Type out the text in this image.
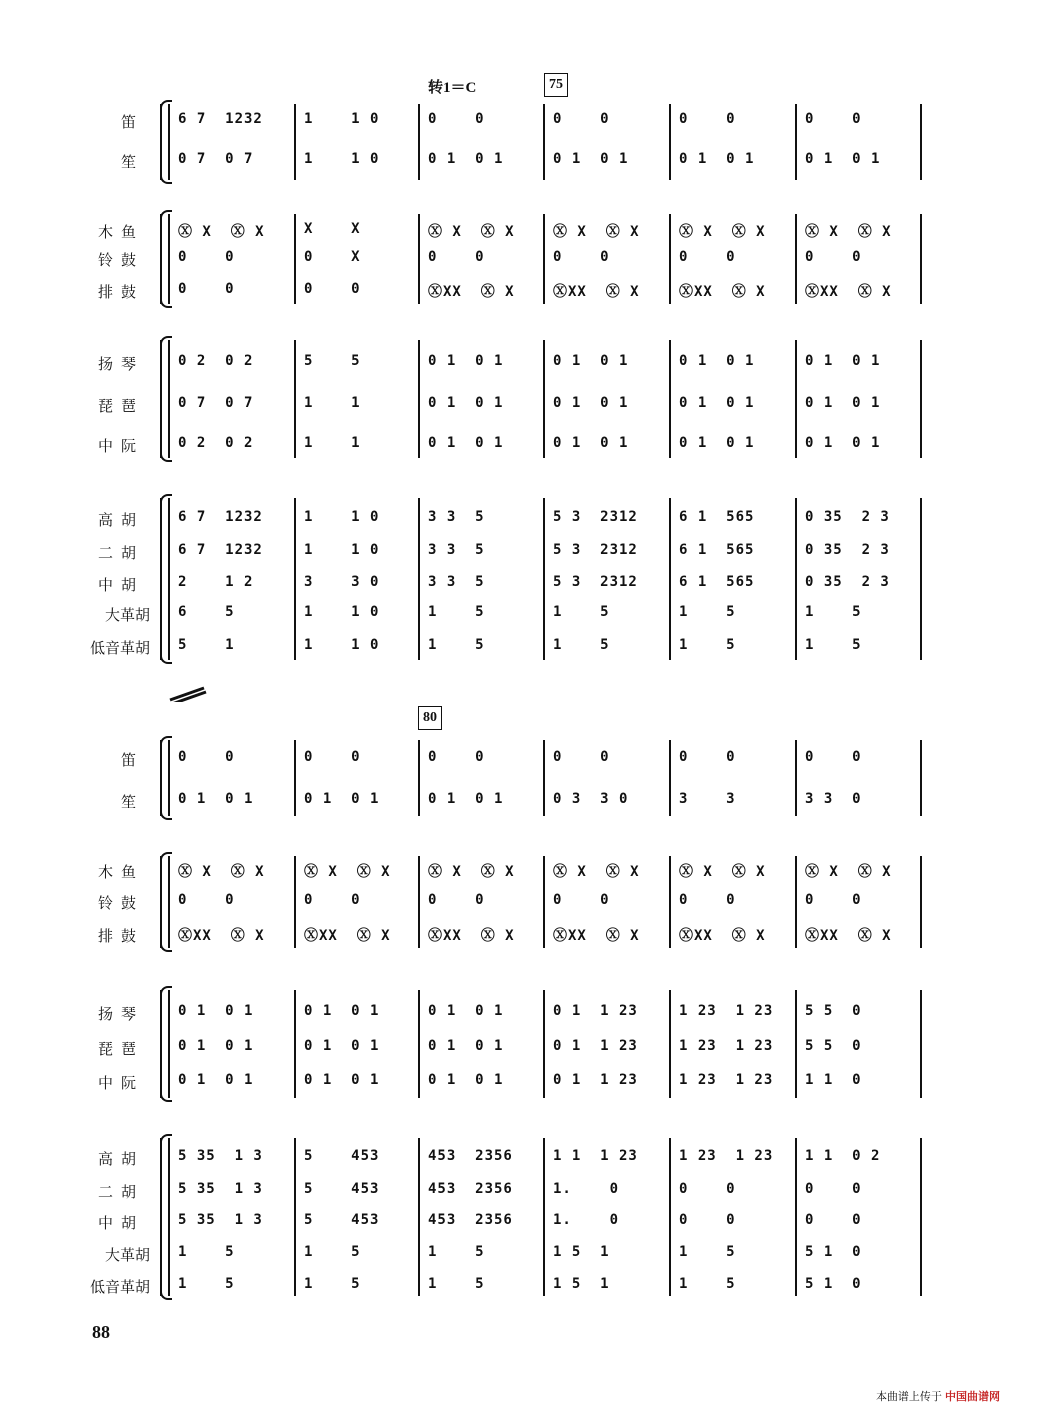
转1＝C	75
80
笛 6 7  1232	1    1 0	0    0	0    0	0    0	0    0
笙 0 7  0 7	1    1 0	0 1  0 1	0 1  0 1	0 1  0 1	0 1  0 1
木鱼 Ⓧ X  Ⓧ X	X    X	Ⓧ X  Ⓧ X	Ⓧ X  Ⓧ X	Ⓧ X  Ⓧ X	Ⓧ X  Ⓧ X
铃鼓 0    0	0    X	0    0	0    0	0    0	0    0
排鼓 0    0	0    0	ⓍXX  Ⓧ X	ⓍXX  Ⓧ X	ⓍXX  Ⓧ X	ⓍXX  Ⓧ X
扬琴 0 2  0 2	5    5	0 1  0 1	0 1  0 1	0 1  0 1	0 1  0 1
琵琶 0 7  0 7	1    1	0 1  0 1	0 1  0 1	0 1  0 1	0 1  0 1
中阮 0 2  0 2	1    1	0 1  0 1	0 1  0 1	0 1  0 1	0 1  0 1
高胡 6 7  1232	1    1 0	3 3  5	5 3  2312	6 1  565	0 35  2 3
二胡 6 7  1232	1    1 0	3 3  5	5 3  2312	6 1  565	0 35  2 3
中胡 2    1 2	3    3 0	3 3  5	5 3  2312	6 1  565	0 35  2 3
大革胡 6    5	1    1 0	1    5	1    5	1    5	1    5
低音革胡 5    1	1    1 0	1    5	1    5	1    5	1    5
笛 0    0	0    0	0    0	0    0	0    0	0    0
笙 0 1  0 1	0 1  0 1	0 1  0 1	0 3  3 0	3    3	3 3  0
木鱼 Ⓧ X  Ⓧ X	Ⓧ X  Ⓧ X	Ⓧ X  Ⓧ X	Ⓧ X  Ⓧ X	Ⓧ X  Ⓧ X	Ⓧ X  Ⓧ X
铃鼓 0    0	0    0	0    0	0    0	0    0	0    0
排鼓 ⓍXX  Ⓧ X	ⓍXX  Ⓧ X	ⓍXX  Ⓧ X	ⓍXX  Ⓧ X	ⓍXX  Ⓧ X	ⓍXX  Ⓧ X
扬琴 0 1  0 1	0 1  0 1	0 1  0 1	0 1  1 23	1 23  1 23	5 5  0
琵琶 0 1  0 1	0 1  0 1	0 1  0 1	0 1  1 23	1 23  1 23	5 5  0
中阮 0 1  0 1	0 1  0 1	0 1  0 1	0 1  1 23	1 23  1 23	1 1  0
高胡 5 35  1 3	5    453	453  2356	1 1  1 23	1 23  1 23	1 1  0 2
二胡 5 35  1 3	5    453	453  2356	1.    0	0    0	0    0
中胡 5 35  1 3	5    453	453  2356	1.    0	0    0	0    0
大革胡 1    5	1    5	1    5	1 5  1	1    5	5 1  0
低音革胡 1    5	1    5	1    5	1 5  1	1    5	5 1  0
88
本曲谱上传于 中国曲谱网
